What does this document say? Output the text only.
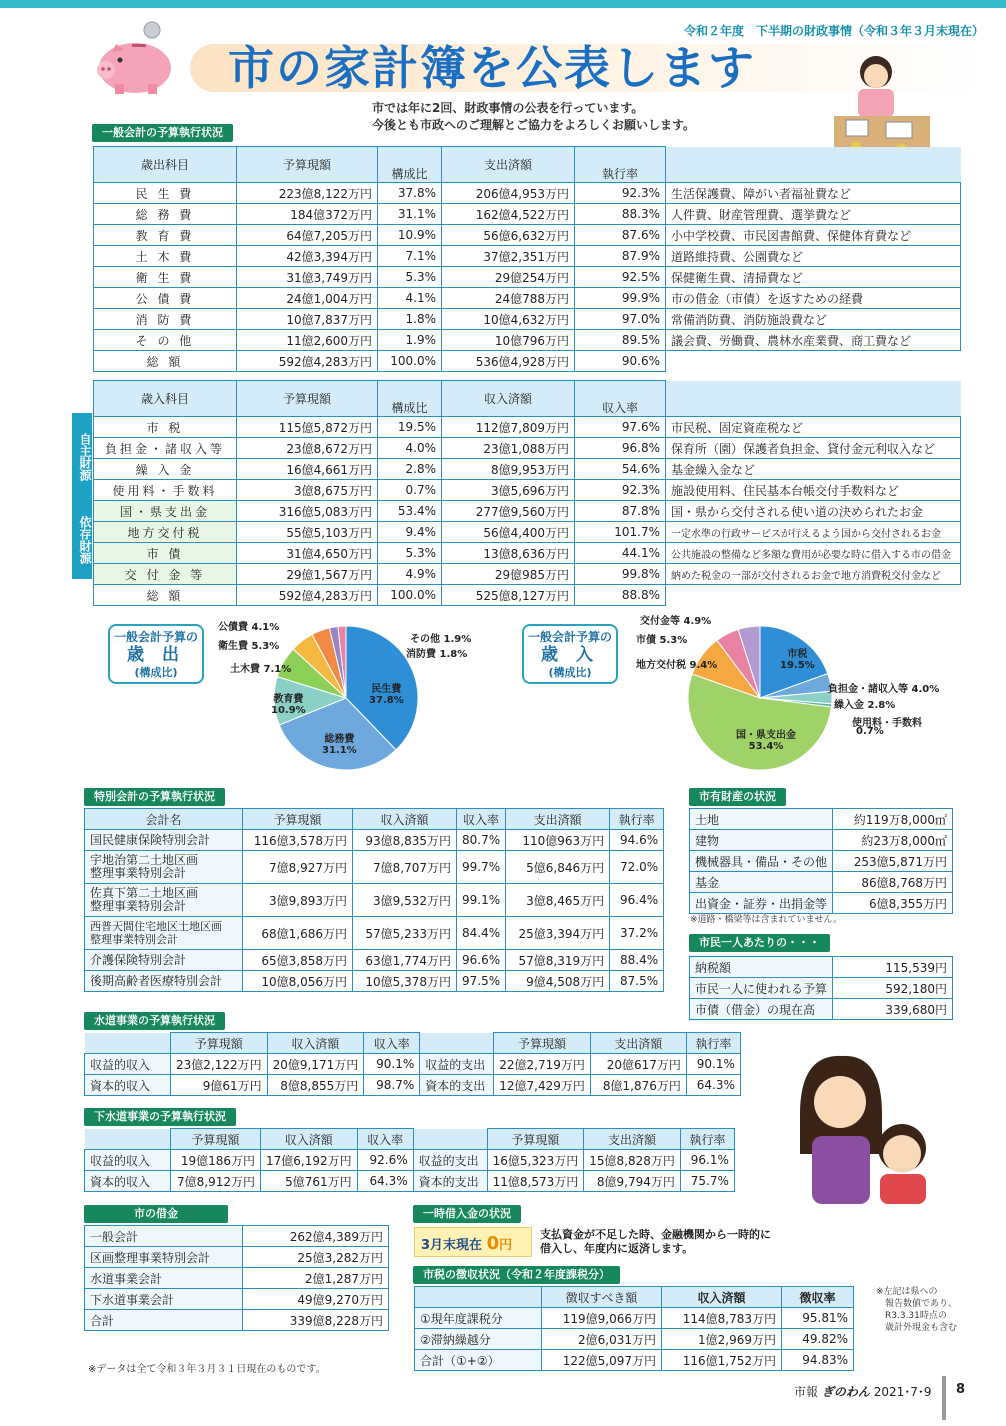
令和２年度　下半期の財政事情（令和３年３月末現在）
市の家計簿を公表します
市では年に2回、財政事情の公表を行っています。
今後とも市政へのご理解とご協力をよろしくお願いします。
一般会計の予算執行状況
歳出科目	予算現額	構成比	支出済額	執行率	
民 生 費	223億8,122万円	37.8%	206億4,953万円	92.3%	生活保護費、障がい者福祉費など
総 務 費	184億372万円	31.1%	162億4,522万円	88.3%	人件費、財産管理費、選挙費など
教 育 費	64億7,205万円	10.9%	56億6,632万円	87.6%	小中学校費、市民図書館費、保健体育費など
土 木 費	42億3,394万円	7.1%	37億2,351万円	87.9%	道路維持費、公園費など
衛 生 費	31億3,749万円	5.3%	29億254万円	92.5%	保健衛生費、清掃費など
公 債 費	24億1,004万円	4.1%	24億788万円	99.9%	市の借金（市債）を返すための経費
消 防 費	10億7,837万円	1.8%	10億4,632万円	97.0%	常備消防費、消防施設費など
そ の 他	11億2,600万円	1.9%	10億796万円	89.5%	議会費、労働費、農林水産業費、商工費など
総 額	592億4,283万円	100.0%	536億4,928万円	90.6%	
歳入科目	予算現額	構成比	収入済額	収入率	
市 税	115億5,872万円	19.5%	112億7,809万円	97.6%	市民税、固定資産税など
負担金・諸収入等	23億8,672万円	4.0%	23億1,088万円	96.8%	保育所（園）保護者負担金、貸付金元利収入など
繰 入 金	16億4,661万円	2.8%	8億9,953万円	54.6%	基金繰入金など
使用料・手数料	3億8,675万円	0.7%	3億5,696万円	92.3%	施設使用料、住民基本台帳交付手数料など
国・県支出金	316億5,083万円	53.4%	277億9,560万円	87.8%	国・県から交付される使い道の決められたお金
地方交付税	55億5,103万円	9.4%	56億4,400万円	101.7%	一定水準の行政サービスが行えるよう国から交付されるお金
市 債	31億4,650万円	5.3%	13億8,636万円	44.1%	公共施設の整備など多額な費用が必要な時に借入する市の借金
交 付 金 等	29億1,567万円	4.9%	29億985万円	99.8%	納めた税金の一部が交付されるお金で地方消費税交付金など
総 額	592億4,283万円	100.0%	525億8,127万円	88.8%	
自主財源
依存財源
一般会計予算の
歳 出
(構成比)
一般会計予算の
歳 入
(構成比)
公債費 4.1%
衛生費 5.3%
土木費 7.1%
教育費
10.9%
総務費
31.1%
民生費
37.8%
その他 1.9%
消防費 1.8%
交付金等 4.9%
市債 5.3%
地方交付税 9.4%
市税
19.5%
負担金・諸収入等 4.0%
繰入金 2.8%
使用料・手数料
0.7%
国・県支出金
53.4%
特別会計の予算執行状況
会計名	予算現額	収入済額	収入率	支出済額	執行率
国民健康保険特別会計	116億3,578万円	93億8,835万円	80.7%	110億963万円	94.6%
宇地治第二土地区画
整理事業特別会計	7億8,927万円	7億8,707万円	99.7%	5億6,846万円	72.0%
佐真下第二土地区画
整理事業特別会計	3億9,893万円	3億9,532万円	99.1%	3億8,465万円	96.4%
西普天間住宅地区土地区画
整理事業特別会計	68億1,686万円	57億5,233万円	84.4%	25億3,394万円	37.2%
介護保険特別会計	65億3,858万円	63億1,774万円	96.6%	57億8,319万円	88.4%
後期高齢者医療特別会計	10億8,056万円	10億5,378万円	97.5%	9億4,508万円	87.5%
市有財産の状況
土地	約119万8,000㎡
建物	約23万8,000㎡
機械器具・備品・その他	253億5,871万円
基金	86億8,768万円
出資金・証券・出捐金等	6億8,355万円
※道路・橋梁等は含まれていません。
市民一人あたりの・・・
納税額	115,539円
市民一人に使われる予算	592,180円
市債（借金）の現在高	339,680円
水道事業の予算執行状況
	予算現額	収入済額	収入率		予算現額	支出済額	執行率
収益的収入	23億2,122万円	20億9,171万円	90.1%	収益的支出	22億2,719万円	20億617万円	90.1%
資本的収入	9億61万円	8億8,855万円	98.7%	資本的支出	12億7,429万円	8億1,876万円	64.3%
下水道事業の予算執行状況
	予算現額	収入済額	収入率		予算現額	支出済額	執行率
収益的収入	19億186万円	17億6,192万円	92.6%	収益的支出	16億5,323万円	15億8,828万円	96.1%
資本的収入	7億8,912万円	5億761万円	64.3%	資本的支出	11億8,573万円	8億9,794万円	75.7%
市の借金
一般会計	262億4,389万円
区画整理事業特別会計	25億3,282万円
水道事業会計	2億1,287万円
下水道事業会計	49億9,270万円
合計	339億8,228万円
一時借入金の状況
3月末現在 0円
支払資金が不足した時、金融機関から一時的に
借入し、年度内に返済します。
市税の徴収状況（令和２年度課税分）
	徴収すべき額	収入済額	徴収率
①現年度課税分	119億9,066万円	114億8,783万円	95.81%
②滞納繰越分	2億6,031万円	1億2,969万円	49.82%
合計（①+②）	122億5,097万円	116億1,752万円	94.83%
※左記は県への
　報告数値であり、
　R3.3.31時点の
　歳計外現金も含む
※データは全て令和３年３月３１日現在のものです。
市報 ぎのわん 2021･7･9 8
